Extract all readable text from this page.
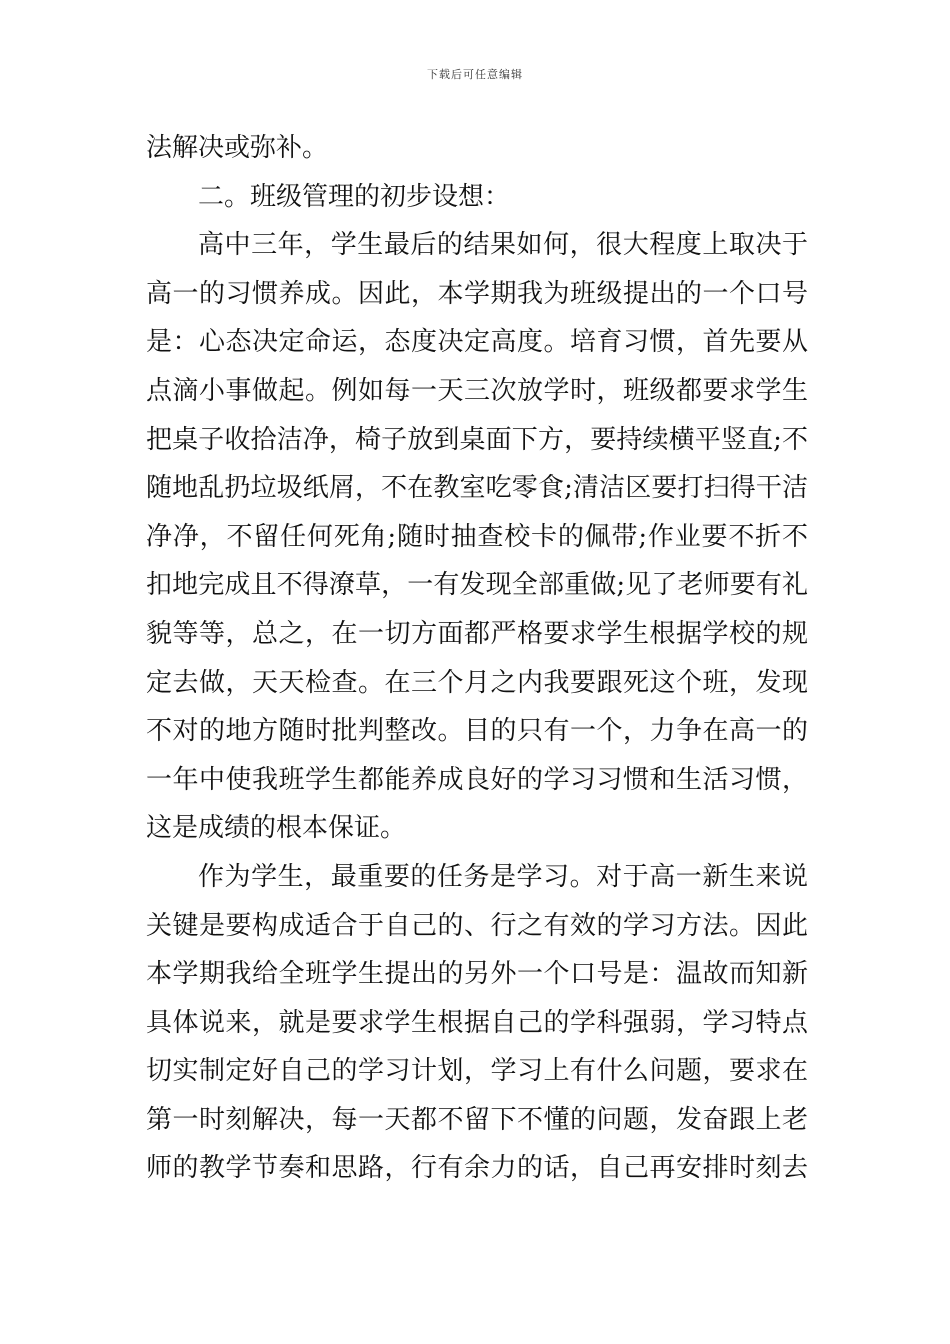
下载后可任意编辑
法解决或弥补。
二。班级管理的初步设想：
高中三年，学生最后的结果如何，很大程度上取决于
高一的习惯养成。因此，本学期我为班级提出的一个口号
是：心态决定命运，态度决定高度。培育习惯，首先要从
点滴小事做起。例如每一天三次放学时，班级都要求学生
把桌子收拾洁净，椅子放到桌面下方，要持续横平竖直;不
随地乱扔垃圾纸屑，不在教室吃零食;清洁区要打扫得干洁
净净，不留任何死角;随时抽查校卡的佩带;作业要不折不
扣地完成且不得潦草，一有发现全部重做;见了老师要有礼
貌等等，总之，在一切方面都严格要求学生根据学校的规
定去做，天天检查。在三个月之内我要跟死这个班，发现
不对的地方随时批判整改。目的只有一个，力争在高一的
一年中使我班学生都能养成良好的学习习惯和生活习惯，
这是成绩的根本保证。
作为学生，最重要的任务是学习。对于高一新生来说
关键是要构成适合于自己的、行之有效的学习方法。因此
本学期我给全班学生提出的另外一个口号是：温故而知新
具体说来，就是要求学生根据自己的学科强弱，学习特点
切实制定好自己的学习计划，学习上有什么问题，要求在
第一时刻解决，每一天都不留下不懂的问题，发奋跟上老
师的教学节奏和思路，行有余力的话，自己再安排时刻去
